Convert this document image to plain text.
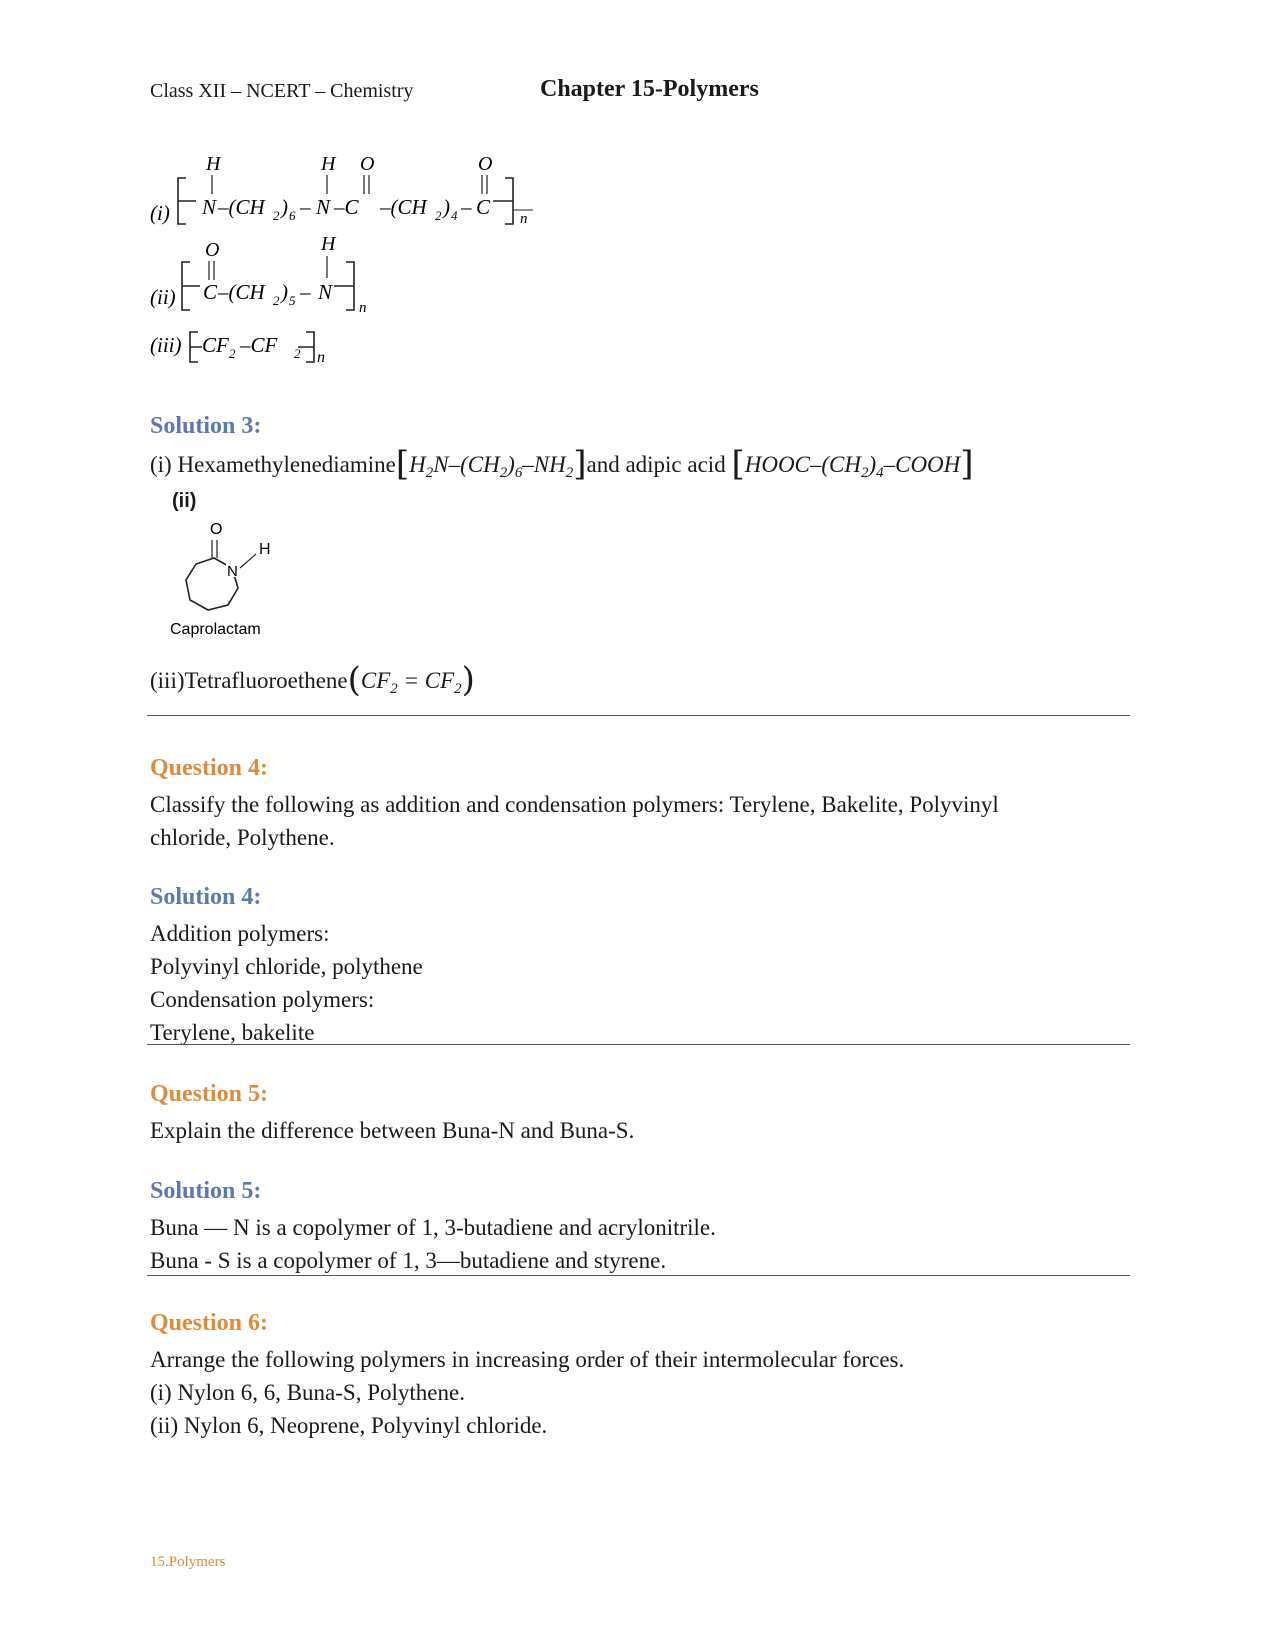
Class XII – NCERT – Chemistry	Chapter 15-Polymers
(i)
H
N –(CH 2 ) 6 –
H
N
O
–C –(CH 2 ) 4 –
O
C n
(ii)
O
C –(CH 2 ) 5 –
H
N
n
(iii) CF 2 –CF 2 n
Solution 3:
(i) $Hexamethylenediamine[H_2N-(CH_2)_6-NH_2]and$ adipic acid $[HOOC-(CH_2)_4-COOH]$
(ii)
O
N
H
Caprolactam
$(iii)Tetrafluoroethene(CF_2 = CF_2)$
Question 4:
Classify the following as addition and condensation polymers: Terylene, Bakelite, Polyvinyl
chloride, Polythene.
Solution 4:
Addition polymers:
Polyvinyl chloride, polythene
Condensation polymers:
Terylene, bakelite
Question 5:
Explain the difference between Buna-N and Buna-S.
Solution 5:
Buna — N is a copolymer of 1, 3-butadiene and acrylonitrile.
Buna - S is a copolymer of 1, 3—butadiene and styrene.
Question 6:
Arrange the following polymers in increasing order of their intermolecular forces.
(i) Nylon 6, 6, Buna-S, Polythene.
(ii) Nylon 6, Neoprene, Polyvinyl chloride.
15.Polymers
